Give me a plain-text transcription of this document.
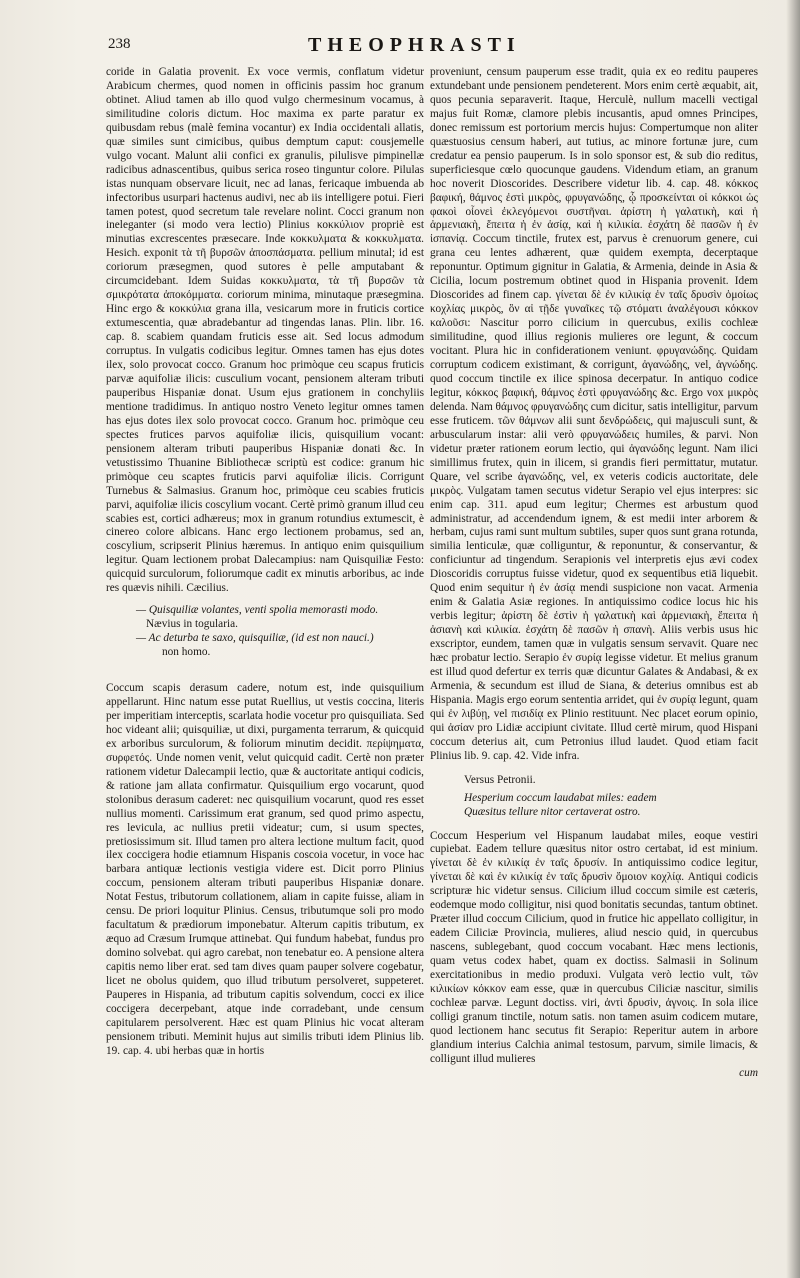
238	THEOPHRASTI

coride in Galatia provenit. Ex voce vermis, conflatum videtur Arabicum chermes, quod nomen in officinis passim hoc granum obtinet. Aliud tamen ab illo quod vulgo chermesinum vocamus, à similitudine coloris dictum. Hoc maxima ex parte paratur ex quibusdam rebus (malè femina vocantur) ex India occidentali allatis, quæ similes sunt cimicibus, quibus demptum caput: cousjemelle vulgo vocant. Malunt alii confici ex granulis, pilulisve pimpinellæ radicibus adnascentibus, quibus serica roseo tinguntur colore. Pilulas istas nunquam observare licuit, nec ad lanas, fericaque imbuenda ab infectoribus usurpari hactenus audivi, nec ab iis intelligere potui. Fieri tamen potest, quod secretum tale revelare nolint. Cocci granum non ineleganter (si modo vera lectio) Plinius κοκκύλιον propriè est minutias excrescentes præsecare. Inde κοκκυλματα & κοκκυλματα. Hesich. exponit τὰ τῆ βυρσῶν ἀποσπάσματα. pellium minutal; id est coriorum præsegmen, quod sutores è pelle amputabant & circumcidebant. Idem Suidas κοκκυλματα, τὰ τῆ βυρσῶν τὰ σμικρότατα ἀποκόμματα. coriorum minima, minutaque præsegmina. Hinc ergo & κοκκύλια grana illa, vesicarum more in fruticis cortice extumescentia, quæ abradebantur ad tingendas lanas. Plin. libr. 16. cap. 8. scabiem quandam fruticis esse ait. Sed locus admodum corruptus. In vulgatis codicibus legitur. Omnes tamen has ejus dotes ilex, solo provocat cocco. Granum hoc primòque ceu scapus fruticis parvæ aquifoliæ ilicis: cusculium vocant, pensionem alteram tributi pauperibus Hispaniæ donat. Usum ejus grationem in conchyliis mentione tradidimus. In antiquo nostro Veneto legitur omnes tamen has ejus dotes ilex solo provocat cocco. Granum hoc. primòque ceu spectes frutices parvos aquifoliæ ilicis, quisquilium vocant: pensionem alteram tributi pauperibus Hispaniæ donati &c. In vetustissimo Thuanine Bibliothecæ scriptù est codice: granum hic primòque ceu scaptes fruticis parvi aquifoliæ ilicis. Corrigunt Turnebus & Salmasius. Granum hoc, primòque ceu scabies fruticis parvi, aquifoliæ ilicis coscylium vocant. Certè primò granum illud ceu scabies est, cortici adhæreus; mox in granum rotundius extumescit, è cinereo colore albicans. Hanc ergo lectionem probamus, sed an, coscylium, scripserit Plinius hæremus. In antiquo enim quisquilium legitur. Quam lectionem probat Dalecampius: nam Quisquiliæ Festo: quicquid surculorum, foliorumque cadit ex minutis arboribus, ac inde res quævis nihili. Cæcilius.

— Quisquiliæ volantes, venti spolia memorasti modo.
Nævius in togularia.
— Ac deturba te saxo, quisquiliæ, (id est non nauci.)
non homo.

Coccum scapis derasum cadere, notum est, inde quisquilium appellarunt. Hinc natum esse putat Ruellius, ut vestis coccina, literis per imperitiam interceptis, scarlata hodie vocetur pro quisquiliata. Sed hoc videant alii; quisquiliæ, ut dixi, purgamenta terrarum, & quicquid ex arboribus surculorum, & foliorum minutim decidit. περίψηματα, συρφετός. Unde nomen venit, velut quicquid cadit. Certè non præter rationem videtur Dalecampii lectio, quæ & auctoritate antiqui codicis, & ratione jam allata confirmatur. Quisquilium ergo vocarunt, quod stolonibus derasum caderet: nec quisquilium vocarunt, quod res esset nullius momenti. Carissimum erat granum, sed quod primo aspectu, res levicula, ac nullius pretii videatur; cum, si usum spectes, pretiosissimum sit. Illud tamen pro altera lectione multum facit, quod ilex coccigera hodie etiamnum Hispanis coscoia vocetur, in voce hac barbara antiquæ lectionis vestigia videre est. Dicit porro Plinius coccum, pensionem alteram tributi pauperibus Hispaniæ donare. Notat Festus, tributorum collationem, aliam in capite fuisse, aliam in censu. De priori loquitur Plinius. Census, tributumque soli pro modo facultatum & prædiorum imponebatur. Alterum capitis tributum, ex æquo ad Cræsum Irumque attinebat. Qui fundum habebat, fundus pro domino solvebat. qui agro carebat, non tenebatur eo. A pensione altera capitis nemo liber erat. sed tam dives quam pauper solvere cogebatur, licet ne obolus quidem, quo illud tributum persolveret, suppeteret. Pauperes in Hispania, ad tributum capitis solvendum, cocci ex ilice coccigera decerpebant, atque inde corradebant, unde censum capitularem persolverent. Hæc est quam Plinius hic vocat alteram pensionem tributi. Meminit hujus aut similis tributi idem Plinius lib. 19. cap. 4. ubi herbas quæ in hortis

proveniunt, censum pauperum esse tradit, quia ex eo reditu pauperes extundebant unde pensionem pendeterent. Mors enim certè æquabit, ait, quos pecunia separaverit. Itaque, Herculè, nullum macelli vectigal majus fuit Romæ, clamore plebis incusantis, apud omnes Principes, donec remissum est portorium mercis hujus: Compertumque non aliter quæstuosius censum haberi, aut tutius, ac minore fortunæ jure, cum credatur ea pensio pauperum. Is in solo sponsor est, & sub dio reditus, superficiesque cœlo quocunque gaudens. Videndum etiam, an granum hoc noverit Dioscorides. Describere videtur lib. 4. cap. 48. κόκκος βαφική, θάμνος ἐστὶ μικρὸς, φρυγανώδης, ᾧ προσκείνται οἱ κόκκοι ὡς φακοὶ οἷονεὶ ἐκλεγόμενοι συστῆναι. ἀρίστη ἡ γαλατικὴ, καὶ ἡ ἀρμενιακὴ, ἔπειτα ἡ ἐν ἀσίᾳ, καὶ ἡ κιλικία. ἐσχάτη δὲ πασῶν ἡ ἐν ἰσπανίᾳ. Coccum tinctile, frutex est, parvus è crenuorum genere, cui grana ceu lentes adhærent, quæ quidem exempta, decerptaque reponuntur. Optimum gignitur in Galatia, & Armenia, deinde in Asia & Cicilia, locum postremum obtinet quod in Hispania provenit. Idem Dioscorides ad finem cap. γίνεται δὲ ἐν κιλικίᾳ ἐν ταῖς δρυσὶν ὁμοίως κοχλίας μικρὸς, ὃν αἱ τῇδε γυναῖκες τῷ στόματι ἀναλέγουσι κόκκον καλοῦσι: Nascitur porro cilicium in quercubus, exilis cochleæ similitudine, quod illius regionis mulieres ore legunt, & coccum vocitant. Plura hic in confiderationem veniunt. φρυγανώδης. Quidam corruptum codicem existimant, & corrigunt, ἀγανώδης, vel, ἀγνώδης. quod coccum tinctile ex ilice spinosa decerpatur. In antiquo codice legitur, κόκκος βαφική, θάμνος ἐστὶ φρυγανώδης &c. Ergo vox μικρὸς delenda. Nam θάμνος φρυγανώδης cum dicitur, satis intelligitur, parvum esse fruticem. τῶν θάμνων alii sunt δενδρώδεις, qui majusculi sunt, & arbuscularum instar: alii verò φρυγανώδεις humiles, & parvi. Non videtur præter rationem eorum lectio, qui ἀγανώδης legunt. Nam ilici simillimus frutex, quin in ilicem, si grandis fieri permittatur, mutatur. Quare, vel scribe ἀγανώδης, vel, ex veteris codicis auctoritate, dele μικρὸς. Vulgatam tamen secutus videtur Serapio vel ejus interpres: sic enim cap. 311. apud eum legitur; Chermes est arbustum quod administratur, ad accendendum ignem, & est medii inter arborem & herbam, cujus rami sunt multum subtiles, super quos sunt grana rotunda, similia lenticulæ, quæ colliguntur, & reponuntur, & conservantur, & conficiuntur ad tingendum. Serapionis vel interpretis ejus ævi codex Dioscoridis corruptus fuisse videtur, quod ex sequentibus etiā liquebit. Quod enim sequitur ἡ ἐν ἀσίᾳ mendi suspicione non vacat. Armenia enim & Galatia Asiæ regiones. In antiquissimo codice locus hic his verbis legitur; ἀρίστη δὲ ἐστὶν ἡ γαλατικὴ καὶ ἀρμενιακὴ, ἔπειτα ἡ ἀσιανὴ καὶ κιλικία. ἐσχάτη δὲ πασῶν ἡ σπανὴ. Aliis verbis usus hic exscriptor, eundem, tamen quæ in vulgatis sensum servavit. Quare nec hæc probatur lectio. Serapio ἐν συρίᾳ legisse videtur. Et melius granum est illud quod defertur ex terris quæ dicuntur Galates & Andabasi, & ex Armenia, & secundum est illud de Siana, & deterius omnibus est ab Hispania. Magis ergo eorum sententia arridet, qui ἐν συρίᾳ legunt, quam qui ἐν λιβύῃ, vel πισιδίᾳ ex Plinio restituunt. Nec placet eorum opinio, qui ἀσίαν pro Lidiæ accipiunt civitate. Illud certè mirum, quod Hispani coccum deterius ait, cum Petronius illud laudet. Quod etiam facit Plinius lib. 9. cap. 42. Vide infra.

Versus Petronii.
Hesperium coccum laudabat miles: eadem
Quæsitus tellure nitor certaverat ostro.

Coccum Hesperium vel Hispanum laudabat miles, eoque vestiri cupiebat. Eadem tellure quæsitus nitor ostro certabat, id est minium. γίνεται δὲ ἐν κιλικίᾳ ἐν ταῖς δρυσίν. In antiquissimo codice legitur, γίνεται δὲ καὶ ἐν κιλικίᾳ ἐν ταῖς δρυσὶν ὅμοιον κοχλίᾳ. Antiqui codicis scripturæ hic videtur sensus. Cilicium illud coccum simile est cæteris, eodemque modo colligitur, nisi quod bonitatis secundas, tantum obtinet. Præter illud coccum Cilicium, quod in frutice hic appellato colligitur, in eadem Ciliciæ Provincia, mulieres, aliud nescio quid, in quercubus nascens, sublegebant, quod coccum vocabant. Hæc mens lectionis, quam vetus codex habet, quam ex doctiss. Salmasii in Solinum exercitationibus in medio produxi. Vulgata verò lectio vult, τῶν κιλικίων κόκκον eam esse, quæ in quercubus Ciliciæ nascitur, similis cochleæ parvæ. Legunt doctiss. viri, ἀντὶ δρυσὶν, ἀγνοις. In sola ilice colligi granum tinctile, notum satis. non tamen asuim codicem mutare, quod lectionem hanc secutus fit Serapio: Reperitur autem in arbore glandium interius Calchia animal testosum, parvum, simile limacis, & colligunt illud mulieres

cum
